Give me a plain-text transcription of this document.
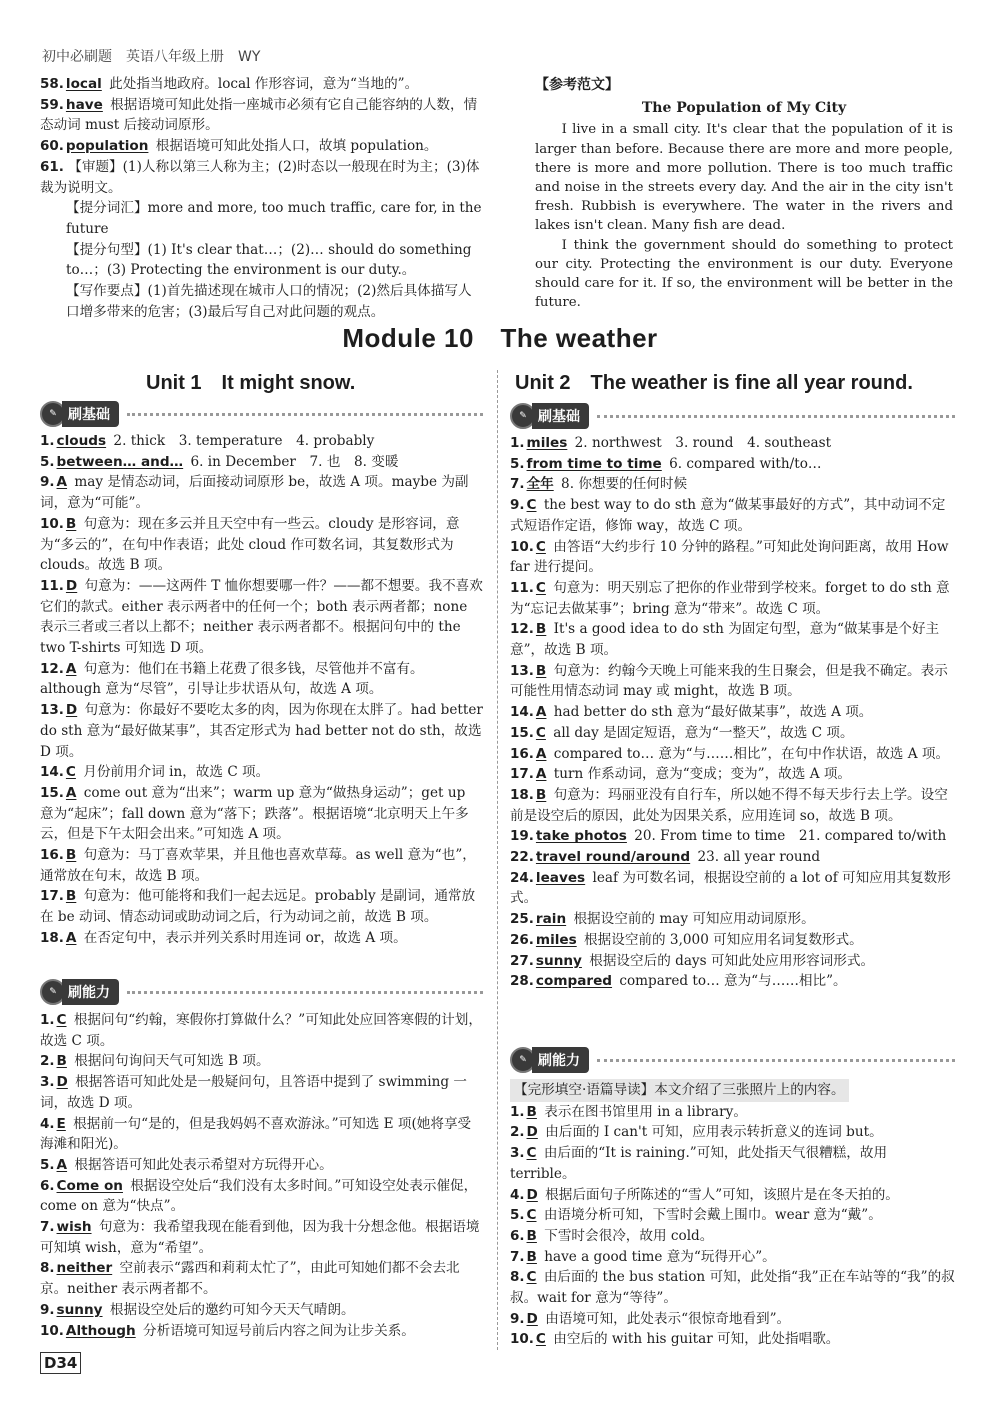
初中必刷题　英语八年级上册　WY
58. local 此处指当地政府。local 作形容词，意为“当地的”。
59. have 根据语境可知此处指一座城市必须有它自己能容纳的人数，情态动词 must 后接动词原形。
60. population 根据语境可知此处指人口，故填 population。
61. 【审题】(1)人称以第三人称为主；(2)时态以一般现在时为主；(3)体裁为说明文。
【提分词汇】more and more, too much traffic, care for, in the future
【提分句型】(1) It's clear that…；(2)… should do something to…；(3) Protecting the environment is our duty.。
【写作要点】(1)首先描述现在城市人口的情况；(2)然后具体描写人口增多带来的危害；(3)最后写自己对此问题的观点。
【参考范文】
The Population of My City

I live in a small city. It's clear that the population of it is larger than before. Because there are more and more people, there is more and more pollution. There is too much traffic and noise in the streets every day. And the air in the city isn't fresh. Rubbish is everywhere. The water in the rivers and lakes isn't clean. Many fish are dead.

I think the government should do something to protect our city. Protecting the environment is our duty. Everyone should care for it. If so, the environment will be better in the future.

Module 10　The weather
Unit 1　It might snow.	Unit 2　The weather is fine all year round.
✎ 刷基础
1. clouds 2. thick　3. temperature　4. probably
5. between… and… 6. in December　7. 也　8. 变暖
9. A may 是情态动词，后面接动词原形 be，故选 A 项。maybe 为副词，意为“可能”。
10. B 句意为：现在多云并且天空中有一些云。cloudy 是形容词，意为“多云的”，在句中作表语；此处 cloud 作可数名词，其复数形式为 clouds。故选 B 项。
11. D 句意为：——这两件 T 恤你想要哪一件？——都不想要。我不喜欢它们的款式。either 表示两者中的任何一个；both 表示两者都；none 表示三者或三者以上都不；neither 表示两者都不。根据问句中的 the two T-shirts 可知选 D 项。
12. A 句意为：他们在书籍上花费了很多钱，尽管他并不富有。although 意为“尽管”，引导让步状语从句，故选 A 项。
13. D 句意为：你最好不要吃太多的肉，因为你现在太胖了。had better do sth 意为“最好做某事”，其否定形式为 had better not do sth，故选 D 项。
14. C 月份前用介词 in，故选 C 项。
15. A come out 意为“出来”；warm up 意为“做热身运动”；get up 意为“起床”；fall down 意为“落下；跌落”。根据语境“北京明天上午多云，但是下午太阳会出来。”可知选 A 项。
16. B 句意为：马丁喜欢苹果，并且他也喜欢草莓。as well 意为“也”，通常放在句末，故选 B 项。
17. B 句意为：他可能将和我们一起去远足。probably 是副词，通常放在 be 动词、情态动词或助动词之后，行为动词之前，故选 B 项。
18. A 在否定句中，表示并列关系时用连词 or，故选 A 项。
✎ 刷能力
1. C 根据问句“约翰，寒假你打算做什么？”可知此处应回答寒假的计划，故选 C 项。
2. B 根据问句询问天气可知选 B 项。
3. D 根据答语可知此处是一般疑问句，且答语中提到了 swimming 一词，故选 D 项。
4. E 根据前一句“是的，但是我妈妈不喜欢游泳。”可知选 E 项(她将享受海滩和阳光)。
5. A 根据答语可知此处表示希望对方玩得开心。
6. Come on 根据设空处后“我们没有太多时间。”可知设空处表示催促，come on 意为“快点”。
7. wish 句意为：我希望我现在能看到他，因为我十分想念他。根据语境可知填 wish，意为“希望”。
8. neither 空前表示“露西和莉莉太忙了”，由此可知她们都不会去北京。neither 表示两者都不。
9. sunny 根据设空处后的邀约可知今天天气晴朗。
10. Although 分析语境可知逗号前后内容之间为让步关系。
✎ 刷基础
1. miles 2. northwest　3. round　4. southeast
5. from time to time 6. compared with/to…
7. 全年 8. 你想要的任何时候
9. C the best way to do sth 意为“做某事最好的方式”，其中动词不定式短语作定语，修饰 way，故选 C 项。
10. C 由答语“大约步行 10 分钟的路程。”可知此处询问距离，故用 How far 进行提问。
11. C 句意为：明天别忘了把你的作业带到学校来。forget to do sth 意为“忘记去做某事”；bring 意为“带来”。故选 C 项。
12. B It's a good idea to do sth 为固定句型，意为“做某事是个好主意”，故选 B 项。
13. B 句意为：约翰今天晚上可能来我的生日聚会，但是我不确定。表示可能性用情态动词 may 或 might，故选 B 项。
14. A had better do sth 意为“最好做某事”，故选 A 项。
15. C all day 是固定短语，意为“一整天”，故选 C 项。
16. A compared to… 意为“与……相比”，在句中作状语，故选 A 项。
17. A turn 作系动词，意为“变成；变为”，故选 A 项。
18. B 句意为：玛丽亚没有自行车，所以她不得不每天步行去上学。设空前是设空后的原因，此处为因果关系，应用连词 so，故选 B 项。
19. take photos 20. From time to time　21. compared to/with
22. travel round/around 23. all year round
24. leaves leaf 为可数名词，根据设空前的 a lot of 可知应用其复数形式。
25. rain 根据设空前的 may 可知应用动词原形。
26. miles 根据设空前的 3,000 可知应用名词复数形式。
27. sunny 根据设空后的 days 可知此处应用形容词形式。
28. compared compared to… 意为“与……相比”。
✎ 刷能力
【完形填空·语篇导读】本文介绍了三张照片上的内容。
1. B 表示在图书馆里用 in a library。
2. D 由后面的 I can't 可知，应用表示转折意义的连词 but。
3. C 由后面的“It is raining.”可知，此处指天气很糟糕，故用 terrible。
4. D 根据后面句子所陈述的“雪人”可知，该照片是在冬天拍的。
5. C 由语境分析可知，下雪时会戴上围巾。wear 意为“戴”。
6. B 下雪时会很冷，故用 cold。
7. B have a good time 意为“玩得开心”。
8. C 由后面的 the bus station 可知，此处指“我”正在车站等的“我”的叔叔。wait for 意为“等待”。
9. D 由语境可知，此处表示“很惊奇地看到”。
10. C 由空后的 with his guitar 可知，此处指唱歌。
D34
